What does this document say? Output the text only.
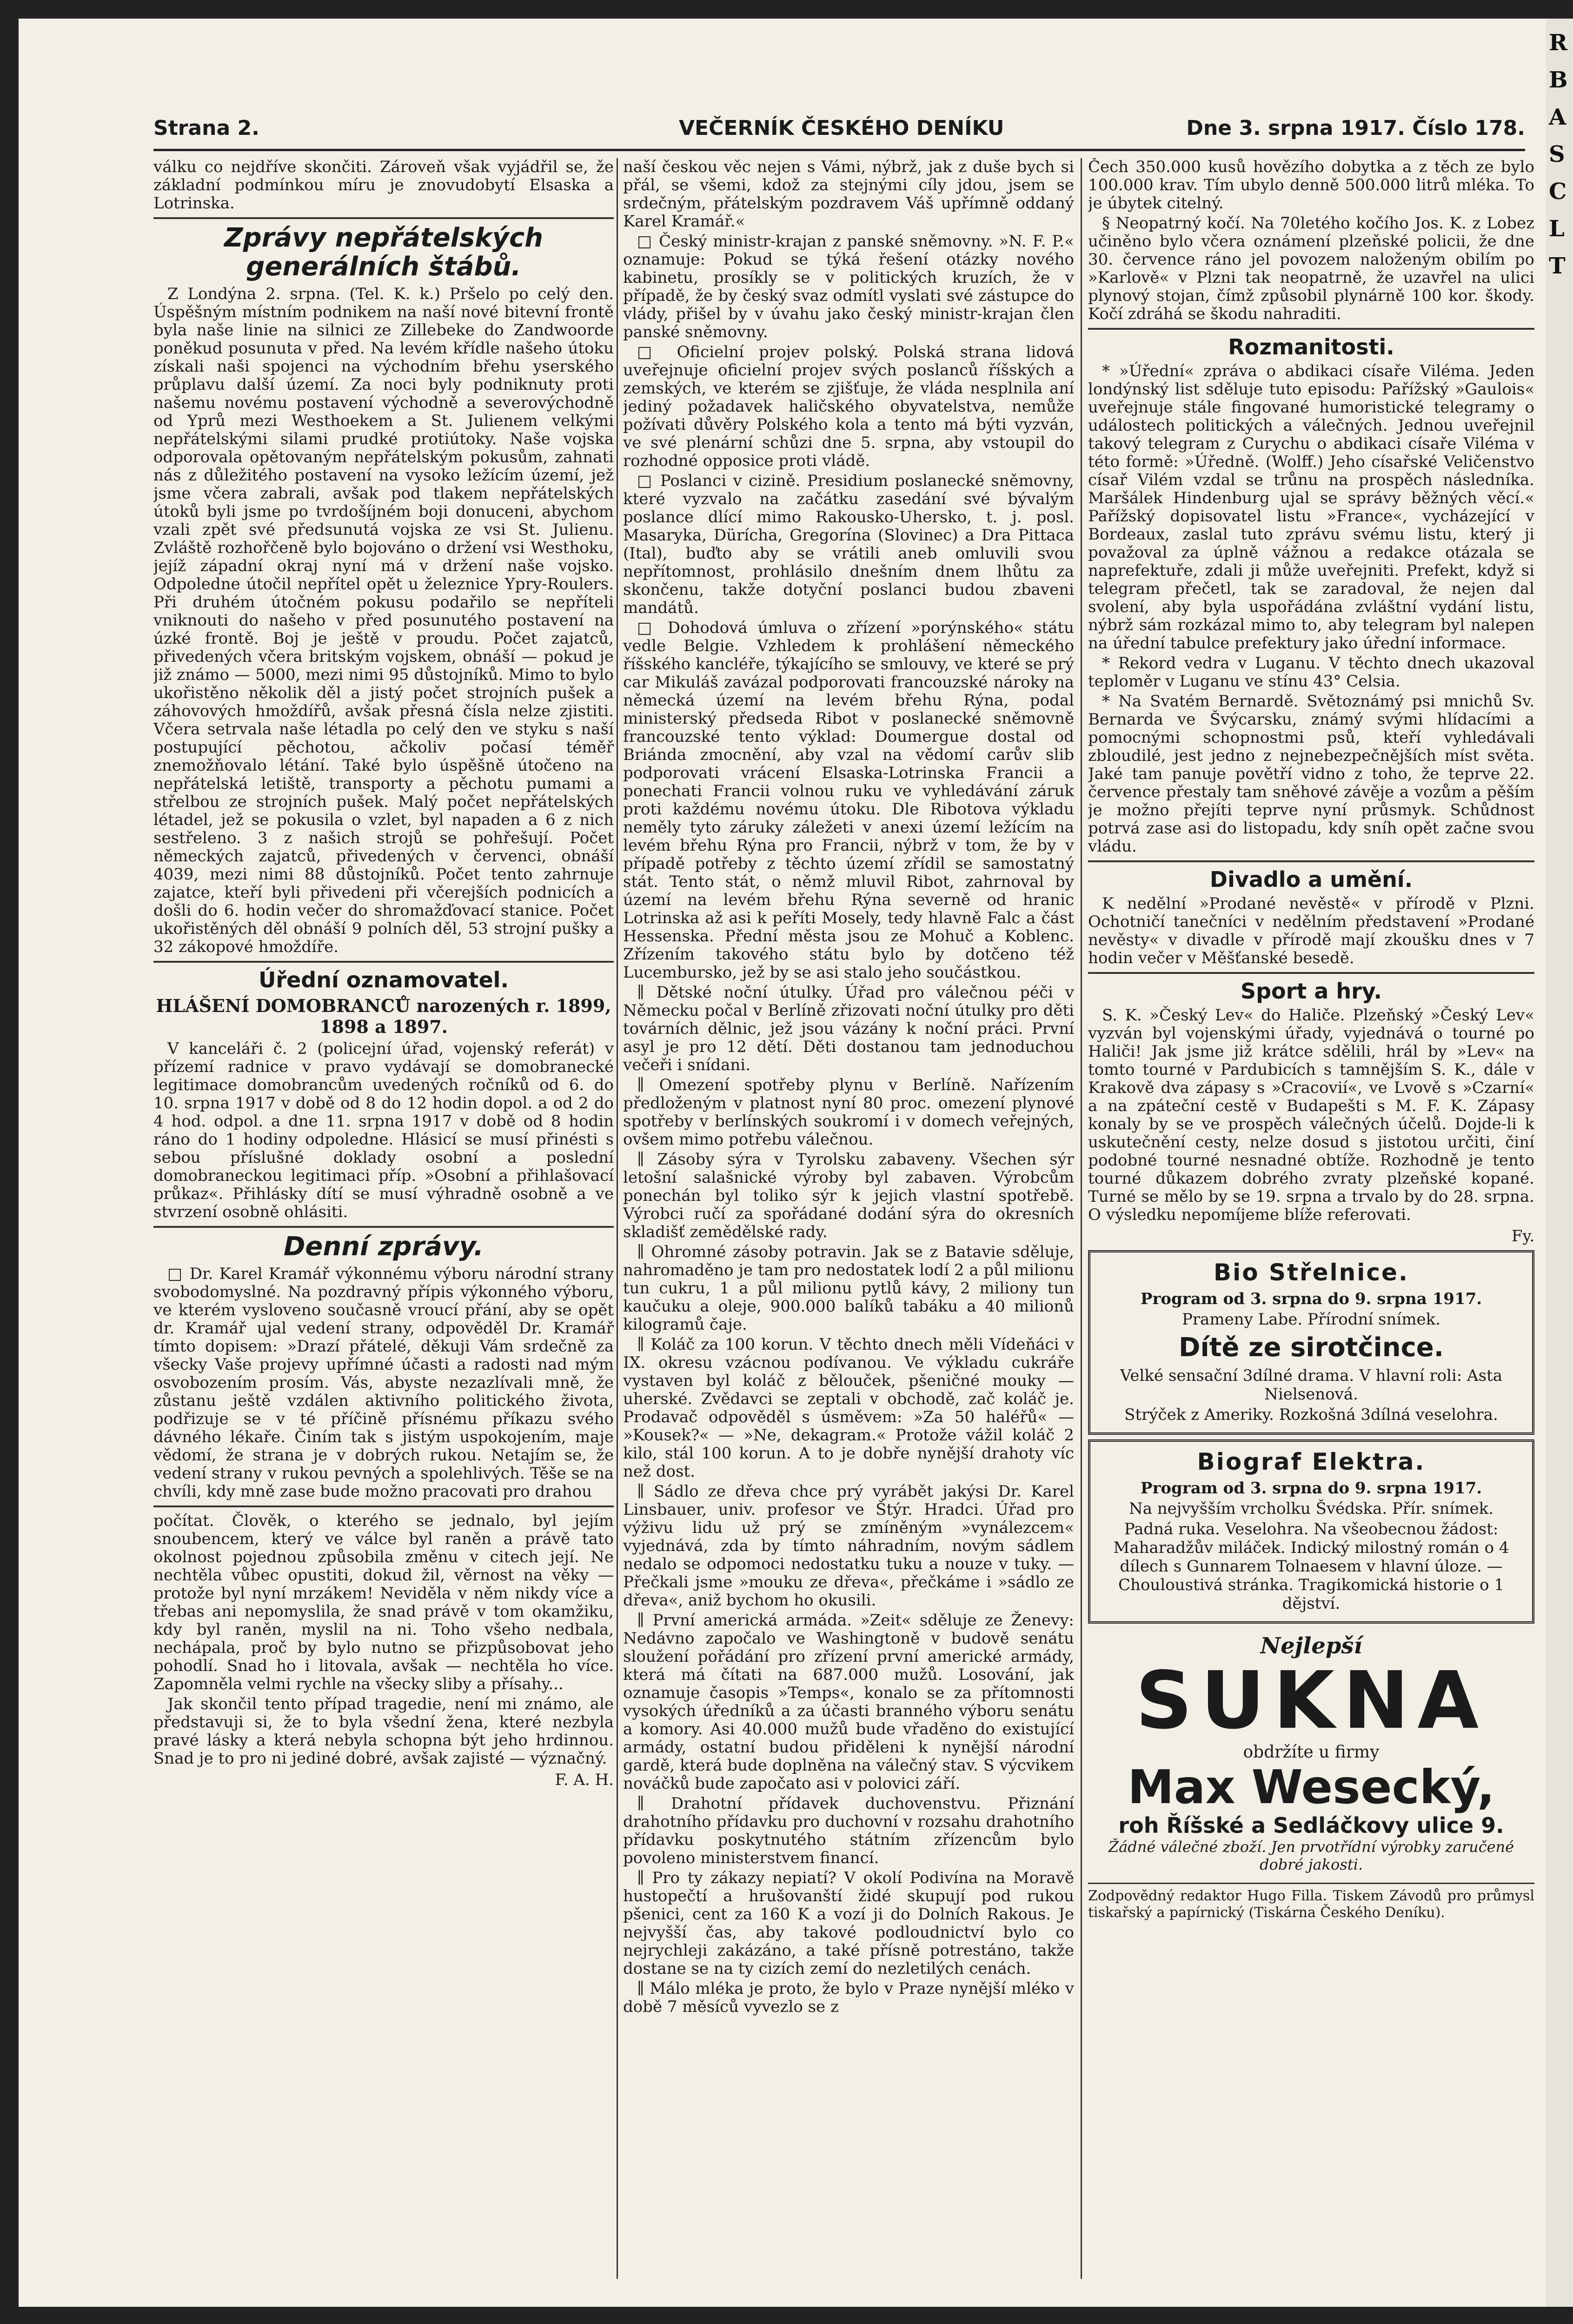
Strana 2.	VEČERNÍK ČESKÉHO DENÍKU	Dne 3. srpna 1917. Číslo 178.

válku co nejdříve skončiti. Zároveň však vyjádřil se, že základní podmínkou míru je znovudobytí Elsaska a Lotrinska.

Zprávy nepřátelských generálních štábů.

Z Londýna 2. srpna. (Tel. K. k.) Pršelo po celý den. Úspěšným místním podnikem na naší nové bitevní frontě byla naše linie na silnici ze Zillebeke do Zandwoorde poněkud posunuta v před. Na levém křídle našeho útoku získali naši spojenci na východním břehu yserského průplavu další území. Za noci byly podniknuty proti našemu novému postavení východně a severovýchodně od Yprů mezi Westhoekem a St. Julienem velkými nepřátelskými silami prudké protiútoky. Naše vojska odporovala opětovaným nepřátelským pokusům, zahnati nás z důležitého postavení na vysoko ležícím území, jež jsme včera zabrali, avšak pod tlakem nepřátelských útoků byli jsme po tvrdošíjném boji donuceni, abychom vzali zpět své předsunutá vojska ze vsi St. Julienu. Zvláště rozhořčeně bylo bojováno o držení vsi Westhoku, jejíž západní okraj nyní má v držení naše vojsko. Odpoledne útočil nepřítel opět u železnice Ypry-Roulers. Při druhém útočném pokusu podařilo se nepříteli vniknouti do našeho v před posunutého postavení na úzké frontě. Boj je ještě v proudu. Počet zajatců, přivedených včera britským vojskem, obnáší — pokud je již známo — 5000, mezi nimi 95 důstojníků. Mimo to bylo ukořistěno několik děl a jistý počet strojních pušek a záhovových hmoždířů, avšak přesná čísla nelze zjistiti. Včera setrvala naše létadla po celý den ve styku s naší postupující pěchotou, ačkoliv počasí téměř znemožňovalo létání. Také bylo úspěšně útočeno na nepřátelská letiště, transporty a pěchotu pumami a střelbou ze strojních pušek. Malý počet nepřátelských létadel, jež se pokusila o vzlet, byl napaden a 6 z nich sestřeleno. 3 z našich strojů se pohřešují. Počet německých zajatců, přivedených v červenci, obnáší 4039, mezi nimi 88 důstojníků. Počet tento zahrnuje zajatce, kteří byli přivedeni při včerejších podnicích a došli do 6. hodin večer do shromažďovací stanice. Počet ukořistěných děl obnáší 9 polních děl, 53 strojní pušky a 32 zákopové hmoždíře.

Úřední oznamovatel.
HLÁŠENÍ DOMOBRANCŮ narozených r. 1899, 1898 a 1897.

V kanceláři č. 2 (policejní úřad, vojenský referát) v přízemí radnice v pravo vydávají se domobranecké legitimace domobrancům uvedených ročníků od 6. do 10. srpna 1917 v době od 8 do 12 hodin dopol. a od 2 do 4 hod. odpol. a dne 11. srpna 1917 v době od 8 hodin ráno do 1 hodiny odpoledne. Hlásicí se musí přinésti s sebou příslušné doklady osobní a poslední domobraneckou legitimaci příp. »Osobní a přihlašovací průkaz«. Přihlásky dítí se musí výhradně osobně a ve stvrzení osobně ohlásiti.

Denní zprávy.

□ Dr. Karel Kramář výkonnému výboru národní strany svobodomyslné. Na pozdravný přípis výkonného výboru, ve kterém vysloveno současně vroucí přání, aby se opět dr. Kramář ujal vedení strany, odpověděl Dr. Kramář tímto dopisem: »Drazí přátelé, děkuji Vám srdečně za všecky Vaše projevy upřímné účasti a radosti nad mým osvobozením prosím. Vás, abyste nezazlívali mně, že zůstanu ještě vzdálen aktivního politického života, podřizuje se v té příčině přísnému příkazu svého dávného lékaře. Činím tak s jistým uspokojením, maje vědomí, že strana je v dobrých rukou. Netajím se, že vedení strany v rukou pevných a spolehlivých. Těše se na chvíli, kdy mně zase bude možno pracovati pro drahou

počítat. Člověk, o kterého se jednalo, byl jejím snoubencem, který ve válce byl raněn a právě tato okolnost pojednou způsobila změnu v citech její. Ne nechtěla vůbec opustiti, dokud žil, věrnost na věky — protože byl nyní mrzákem! Neviděla v něm nikdy více a třebas ani nepomyslila, že snad právě v tom okamžiku, kdy byl raněn, myslil na ni. Toho všeho nedbala, nechápala, proč by bylo nutno se přizpůsobovat jeho pohodlí. Snad ho i litovala, avšak — nechtěla ho více. Zapomněla velmi rychle na všecky sliby a přísahy...

Jak skončil tento případ tragedie, není mi známo, ale představuji si, že to byla všední žena, které nezbyla pravé lásky a která nebyla schopna být jeho hrdinnou. Snad je to pro ni jediné dobré, avšak zajisté — význačný.

F. A. H.

naší českou věc nejen s Vámi, nýbrž, jak z duše bych si přál, se všemi, kdož za stejnými cíly jdou, jsem se srdečným, přátelským pozdravem Váš upřímně oddaný Karel Kramář.«

□ Český ministr-krajan z panské sněmovny. »N. F. P.« oznamuje: Pokud se týká řešení otázky nového kabinetu, prosíkly se v politických kruzích, že v případě, že by český svaz odmítl vyslati své zástupce do vlády, přišel by v úvahu jako český ministr-krajan člen panské sněmovny.

□ Oficielní projev polský. Polská strana lidová uveřejnuje oficielní projev svých poslanců říšských a zemských, ve kterém se zjišťuje, že vláda nesplnila aní jediný požadavek haličského obyvatelstva, nemůže požívati důvěry Polského kola a tento má býti vyzván, ve své plenární schůzi dne 5. srpna, aby vstoupil do rozhodné opposice proti vládě.

□ Poslanci v cizině. Presidium poslanecké sněmovny, které vyzvalo na začátku zasedání své bývalým poslance dlící mimo Rakousko-Uhersko, t. j. posl. Masaryka, Dürícha, Gregorína (Slovinec) a Dra Pittaca (Ital), buďto aby se vrátili aneb omluvili svou nepřítomnost, prohlásilo dnešním dnem lhůtu za skončenu, takže dotyční poslanci budou zbaveni mandátů.

□ Dohodová úmluva o zřízení »porýnského« státu vedle Belgie. Vzhledem k prohlášení německého říšského kancléře, týkajícího se smlouvy, ve které se prý car Mikuláš zavázal podporovati francouzské nároky na německá území na levém břehu Rýna, podal ministerský předseda Ribot v poslanecké sněmovně francouzské tento výklad: Doumergue dostal od Briánda zmocnění, aby vzal na vědomí carův slib podporovati vrácení Elsaska-Lotrinska Francii a ponechati Francii volnou ruku ve vyhledávání záruk proti každému novému útoku. Dle Ribotova výkladu neměly tyto záruky záležeti v anexi území ležícím na levém břehu Rýna pro Francii, nýbrž v tom, že by v případě potřeby z těchto území zřídil se samostatný stát. Tento stát, o němž mluvil Ribot, zahrnoval by území na levém břehu Rýna severně od hranic Lotrinska až asi k peříti Mosely, tedy hlavně Falc a část Hessenska. Přední města jsou ze Mohuč a Koblenc. Zřízením takového státu bylo by dotčeno též Lucembursko, jež by se asi stalo jeho součástkou.

∥ Dětské noční útulky. Úřad pro válečnou péči v Německu počal v Berlíně zřizovati noční útulky pro děti továrních dělnic, jež jsou vázány k noční práci. První asyl je pro 12 dětí. Děti dostanou tam jednoduchou večeři i snídani.

∥ Omezení spotřeby plynu v Berlíně. Nařízením předloženým v platnost nyní 80 proc. omezení plynové spotřeby v berlínských soukromí i v domech veřejných, ovšem mimo potřebu válečnou.

∥ Zásoby sýra v Tyrolsku zabaveny. Všechen sýr letošní salašnické výroby byl zabaven. Výrobcům ponechán byl toliko sýr k jejich vlastní spotřebě. Výrobci ručí za spořádané dodání sýra do okresních skladišť zemědělské rady.

∥ Ohromné zásoby potravin. Jak se z Batavie sděluje, nahromaděno je tam pro nedostatek lodí 2 a půl milionu tun cukru, 1 a půl milionu pytlů kávy, 2 miliony tun kaučuku a oleje, 900.000 balíků tabáku a 40 milionů kilogramů čaje.

∥ Koláč za 100 korun. V těchto dnech měli Vídeňáci v IX. okresu vzácnou podívanou. Ve výkladu cukráře vystaven byl koláč z bělouček, pšeničné mouky — uherské. Zvědavci se zeptali v obchodě, zač koláč je. Prodavač odpověděl s úsměvem: »Za 50 haléřů« — »Kousek?« — »Ne, dekagram.« Protože vážil koláč 2 kilo, stál 100 korun. A to je dobře nynější drahoty víc než dost.

∥ Sádlo ze dřeva chce prý vyrábět jakýsi Dr. Karel Linsbauer, univ. profesor ve Štýr. Hradci. Úřad pro výživu lidu už prý se zmíněným »vynálezcem« vyjednává, zda by tímto náhradním, novým sádlem nedalo se odpomoci nedostatku tuku a nouze v tuky. — Přečkali jsme »mouku ze dřeva«, přečkáme i »sádlo ze dřeva«, aniž bychom ho okusili.

∥ První americká armáda. »Zeit« sděluje ze Ženevy: Nedávno započalo ve Washingtoně v budově senátu sloužení pořádání pro zřízení první americké armády, která má čítati na 687.000 mužů. Losování, jak oznamuje časopis »Temps«, konalo se za přítomnosti vysokých úředníků a za účasti branného výboru senátu a komory. Asi 40.000 mužů bude vřaděno do existující armády, ostatní budou přiděleni k nynější národní gardě, která bude doplněna na válečný stav. S výcvikem nováčků bude započato asi v polovici září.

∥ Drahotní přídavek duchovenstvu. Přiznání drahotního přídavku pro duchovní v rozsahu drahotního přídavku poskytnutého státním zřízencům bylo povoleno ministerstvem financí.

∥ Pro ty zákazy nepiatí? V okolí Podivína na Moravě hustopečtí a hrušovanští židé skupují pod rukou pšenici, cent za 160 K a vozí ji do Dolních Rakous. Je nejvyšší čas, aby takové podloudnictví bylo co nejrychleji zakázáno, a také přísně potrestáno, takže dostane se na ty cizích zemí do nezletilých cenách.

∥ Málo mléka je proto, že bylo v Praze nynější mléko v době 7 měsíců vyvezlo se z

Čech 350.000 kusů hovězího dobytka a z těch ze bylo 100.000 krav. Tím ubylo denně 500.000 litrů mléka. To je úbytek citelný.

§ Neopatrný kočí. Na 70letého kočího Jos. K. z Lobez učiněno bylo včera oznámení plzeňské policii, že dne 30. července ráno jel povozem naloženým obilím po »Karlově« v Plzni tak neopatrně, že uzavřel na ulici plynový stojan, čímž způsobil plynárně 100 kor. škody. Kočí zdráhá se škodu nahraditi.

Rozmanitosti.

* »Úřední« zpráva o abdikaci císaře Viléma. Jeden londýnský list sděluje tuto episodu: Pařížský »Gaulois« uveřejnuje stále fingované humoristické telegramy o událostech politických a válečných. Jednou uveřejnil takový telegram z Curychu o abdikaci císaře Viléma v této formě: »Úředně. (Wolff.) Jeho císařské Veličenstvo císař Vilém vzdal se trůnu na prospěch následníka. Maršálek Hindenburg ujal se správy běžných věcí.« Pařížský dopisovatel listu »France«, vycházející v Bordeaux, zaslal tuto zprávu svému listu, který ji považoval za úplně vážnou a redakce otázala se naprefektuře, zdali ji může uveřejniti. Prefekt, když si telegram přečetl, tak se zaradoval, že nejen dal svolení, aby byla uspořádána zvláštní vydání listu, nýbrž sám rozkázal mimo to, aby telegram byl nalepen na úřední tabulce prefektury jako úřední informace.

* Rekord vedra v Luganu. V těchto dnech ukazoval teploměr v Luganu ve stínu 43° Celsia.

* Na Svatém Bernardě. Světoznámý psi mnichů Sv. Bernarda ve Švýcarsku, známý svými hlídacími a pomocnými schopnostmi psů, kteří vyhledávali zbloudilé, jest jedno z nejnebezpečnějších míst světa. Jaké tam panuje povětří vidno z toho, že teprve 22. července přestaly tam sněhové závěje a vozům a pěším je možno přejíti teprve nyní průsmyk. Schůdnost potrvá zase asi do listopadu, kdy sníh opět začne svou vládu.

Divadlo a umění.

K nedělní »Prodané nevěstě« v přírodě v Plzni. Ochotničí tanečníci v nedělním představení »Prodané nevěsty« v divadle v přírodě mají zkoušku dnes v 7 hodin večer v Měšťanské besedě.

Sport a hry.

S. K. »Český Lev« do Haliče. Plzeňský »Český Lev« vyzván byl vojenskými úřady, vyjednává o tourné po Haliči! Jak jsme již krátce sdělili, hrál by »Lev« na tomto tourné v Pardubicích s tamnějším S. K., dále v Krakově dva zápasy s »Cracovií«, ve Lvově s »Czarní« a na zpáteční cestě v Budapešti s M. F. K. Zápasy konaly by se ve prospěch válečných účelů. Dojde-li k uskutečnění cesty, nelze dosud s jistotou určiti, činí podobné tourné nesnadné obtíže. Rozhodně je tento tourné důkazem dobrého zvraty plzeňské kopané. Turné se mělo by se 19. srpna a trvalo by do 28. srpna. O výsledku nepomíjeme blíže referovati.

Fy.
Bio Střelnice.
Program od 3. srpna do 9. srpna 1917.
Prameny Labe. Přírodní snímek.
Dítě ze sirotčince.
Velké sensační 3dílné drama. V hlavní roli: Asta Nielsenová.
Strýček z Ameriky. Rozkošná 3dílná veselohra.
Biograf Elektra.
Program od 3. srpna do 9. srpna 1917.
Na nejvyšším vrcholku Švédska. Přír. snímek.
Padná ruka. Veselohra. Na všeobecnou žádost: Maharadžův miláček. Indický milostný román o 4 dílech s Gunnarem Tolnaesem v hlavní úloze. — Chouloustivá stránka. Tragikomická historie o 1 dějství.
Nejlepší
SUKNA
obdržíte u firmy
Max Wesecký,
roh Říšské a Sedláčkovy ulice 9.
Žádné válečné zboží. Jen prvotřídní výrobky zaručené dobré jakosti.

Zodpovědný redaktor Hugo Filla. Tiskem Závodů pro průmysl tiskařský a papírnický (Tiskárna Českého Deníku).

R
B
A
S
C
L
T
